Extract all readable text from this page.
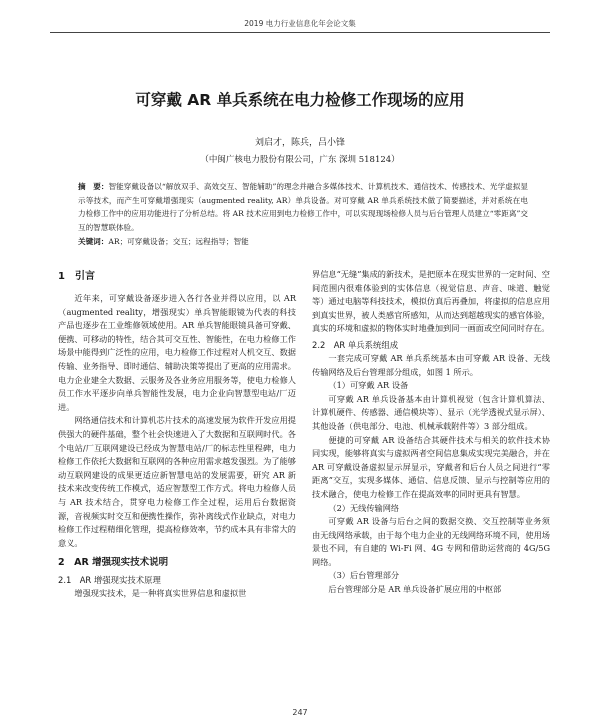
2019 电力行业信息化年会论文集
可穿戴 AR 单兵系统在电力检修工作现场的应用
刘启才，陈兵，吕小锋
（中闽广核电力股份有限公司，广东 深圳 518124）
摘　要：智能穿戴设备以“解放双手、高效交互、智能辅助”的理念并融合多媒体技术、计算机技术、通信技术、传感技术、光学虚拟显示等技术，而产生可穿戴增强现实（augmented reality, AR）单兵设备。对可穿戴 AR 单兵系统技术做了简要描述，并对系统在电力检修工作中的应用功能进行了分析总结。将 AR 技术应用到电力检修工作中，可以实现现场检修人员与后台管理人员建立“零距离”交互的智慧联体验。
关键词：AR；可穿戴设备；交互；远程指导；智能
1　引言

近年来，可穿戴设备逐步进入各行各业并得以应用，以 AR（augmented reality，增强现实）单兵智能眼镜为代表的科技产品也逐步在工业维修领域使用。AR 单兵智能眼镜具备可穿戴、便携、可移动的特性，结合其可交互性、智能性，在电力检修工作场景中能得到广泛性的应用，电力检修工作过程对人机交互、数据传输、业务指导、即时通信、辅助决策等提出了更高的应用需求。电力企业建全大数据、云服务及各业务应用服务等，使电力检修人员工作水平逐步向单兵智能性发展，电力企业向智慧型电站/厂迈进。

网络通信技术和计算机芯片技术的高速发展为软件开发应用提供强大的硬件基础，整个社会快速进入了大数据和互联网时代。各个电站/厂互联网建设已经成为智慧电站/厂的标志性里程碑，电力检修工作依托大数据和互联网的各种应用需求越发强烈。为了能够动互联网建设的成果更适应新智慧电站的发展需要，研究 AR 新技术来改变传统工作模式，适应智慧型工作方式。将电力检修人员与 AR 技术结合，贯穿电力检修工作全过程，运用后台数据资源，音视频实时交互和便携性操作，弥补离线式作业缺点，对电力检修工作过程精细化管理，提高检修效率，节约成本具有非常大的意义。

2　AR 增强现实技术说明
2.1　AR 增强现实技术原理

增强现实技术，是一种将真实世界信息和虚拟世

界信息“无缝”集成的新技术，是把原本在现实世界的一定时间、空间范围内很难体验到的实体信息（视觉信息、声音、味道、触觉等）通过电脑等科技技术，模拟仿真后再叠加，将虚拟的信息应用到真实世界，被人类感官所感知，从而达到超越现实的感官体验，真实的环境和虚拟的物体实时地叠加到同一画面或空间同时存在。

2.2　AR 单兵系统组成

一套完成可穿戴 AR 单兵系统基本由可穿戴 AR 设备、无线传输网络及后台管理部分组成，如图 1 所示。

（1）可穿戴 AR 设备

可穿戴 AR 单兵设备基本由计算机视觉（包含计算机算法、计算机硬件、传感器、通信模块等）、显示（光学透视式显示屏）、其他设备（供电部分、电池、机械承载附件等）3 部分组成。

便捷的可穿戴 AR 设备结合其硬件技术与相关的软件技术协同实现，能够将真实与虚拟两者空间信息集成实现完美融合，并在 AR 可穿戴设备虚拟显示屏显示，穿戴者和后台人员之间进行“零距离”交互，实现多媒体、通信、信息反馈、显示与控制等应用的技术融合，使电力检修工作在提高效率的同时更具有智慧。

（2）无线传输网络

可穿戴 AR 设备与后台之间的数据交换、交互控制等业务须由无线网络承载，由于每个电力企业的无线网络环境不同，使用场景也不同，有自建的 Wi-Fi 网、4G 专网和借助运营商的 4G/5G 网络。

（3）后台管理部分

后台管理部分是 AR 单兵设备扩展应用的中枢部

247
